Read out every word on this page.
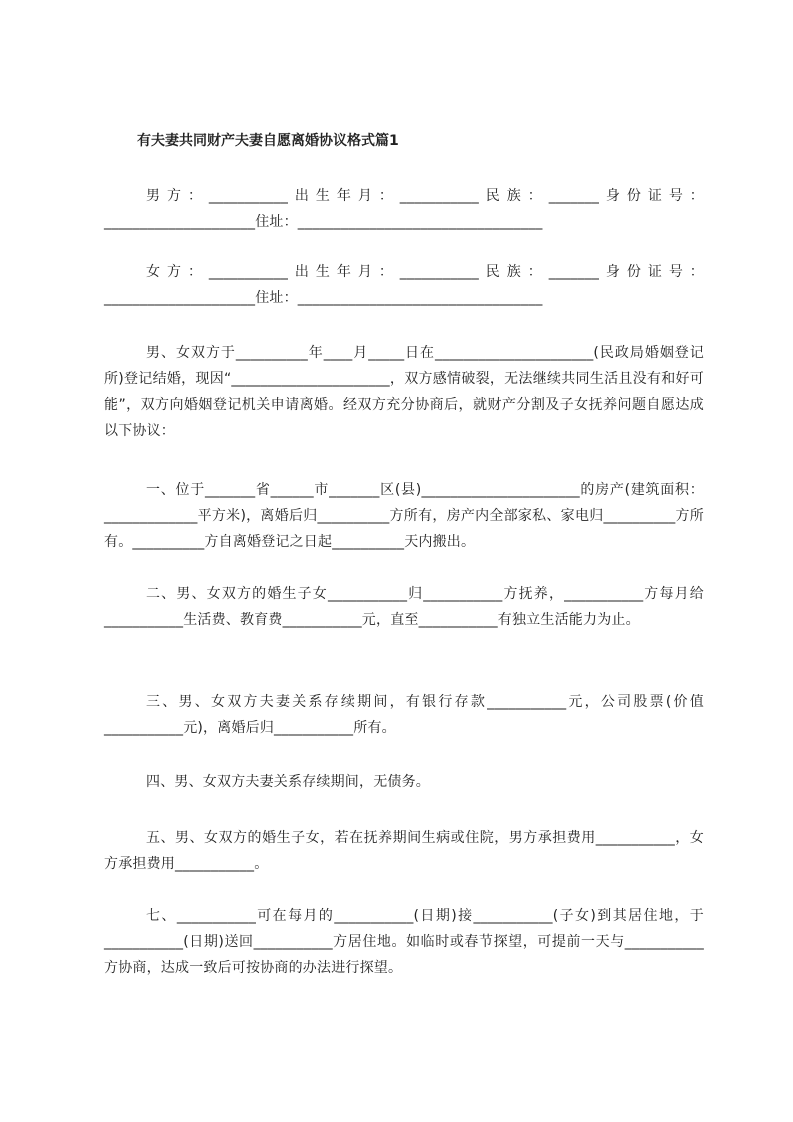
有夫妻共同财产夫妻自愿离婚协议格式篇1
男方：___________出生年月：___________民族：_______身份证号：_____________________住址：__________________________________
女方：___________出生年月：___________民族：_______身份证号：_____________________住址：__________________________________
男、女双方于__________年____月_____日在______________________(民政局婚姻登记所)登记结婚，现因“______________________，双方感情破裂，无法继续共同生活且没有和好可能”，双方向婚姻登记机关申请离婚。经双方充分协商后，就财产分割及子女抚养问题自愿达成以下协议：
一、位于_______省______市_______区(县)______________________的房产(建筑面积：_____________平方米)，离婚后归__________方所有，房产内全部家私、家电归__________方所有。__________方自离婚登记之日起__________天内搬出。
二、男、女双方的婚生子女___________归___________方抚养，___________方每月给___________生活费、教育费___________元，直至___________有独立生活能力为止。
三、男、女双方夫妻关系存续期间，有银行存款___________元，公司股票(价值___________元)，离婚后归___________所有。
四、男、女双方夫妻关系存续期间，无债务。
五、男、女双方的婚生子女，若在抚养期间生病或住院，男方承担费用___________，女方承担费用___________。
七、___________可在每月的___________(日期)接___________(子女)到其居住地，于___________(日期)送回___________方居住地。如临时或春节探望，可提前一天与___________方协商，达成一致后可按协商的办法进行探望。
